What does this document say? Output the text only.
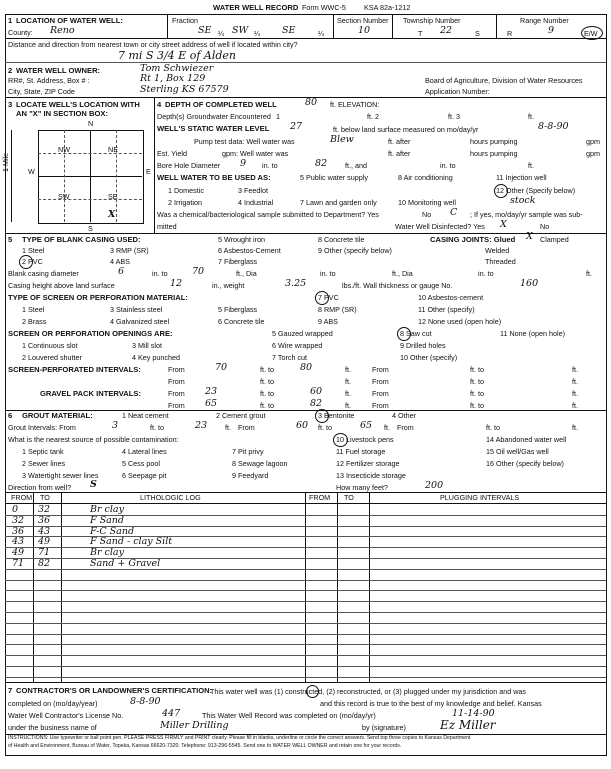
WATER WELL RECORD Form WWC-5	KSA 82a-1212
1 LOCATION OF WATER WELL:
County: Reno
Fraction
SE ¼ SW ¼ SE	¼
Section Number
10
Township Number
T 22	S
Range Number
R	9	E/W
Distance and direction from nearest town or city street address of well if located within city?
7 mi S 3/4 E of Alden
2 WATER WELL OWNER:	Tom Schwiezer
RR#, St. Address, Box # :	Rt 1, Box 129	Board of Agriculture, Division of Water Resources
City, State, ZIP Code	Sterling KS 67579	Application Number:
3 LOCATE WELL'S LOCATION WITH
AN "X" IN SECTION BOX:
N
S
W	E
1 Mile
NW	NE
SW	SE
X
4 DEPTH OF COMPLETED WELL	80 ft. ELEVATION:
Depth(s) Groundwater Encountered 1	ft. 2	ft. 3	ft.
WELL'S STATIC WATER LEVEL 27	ft. below land surface measured on mo/day/yr	8-8-90
Pump test data: Well water was	Blew	ft. after	hours pumping	gpm
Est. Yield	gpm: Well water was	ft. after	hours pumping	gpm
Bore Hole Diameter 9 in. to	82 ft., and	in. to	ft.
WELL WATER TO BE USED AS:
1 Domestic	3 Feedlot
5 Public water supply	8 Air conditioning	11 Injection well
2 Irrigation	4 Industrial	7 Lawn and garden only	10 Monitoring well
12 Other (Specify below)
stock
Was a chemical/bacteriological sample submitted to Department? Yes	No C ; If yes, mo/day/yr sample was sub-
mitted	Water Well Disinfected? Yes X	No
5 TYPE OF BLANK CASING USED:
1 Steel	3 RMP (SR)
5 Wrought iron	8 Concrete tile
2 PVC	4 ABS
6 Asbestos-Cement	9 Other (specify below)
7 Fiberglass
CASING JOINTS: Glued X Clamped
Welded
Threaded
Blank casing diameter	6	in. to	70	ft., Dia	in. to	ft., Dia	in. to	ft.
Casing height above land surface	12	in., weight	3.25	lbs./ft. Wall thickness or gauge No.	160
TYPE OF SCREEN OR PERFORATION MATERIAL:
1 Steel	3 Stainless steel	5 Fiberglass
7 PVC	10 Asbestos-cement
2 Brass	4 Galvanized steel	6 Concrete tile
8 RMP (SR)	11 Other (specify)
9 ABS	12 None used (open hole)
SCREEN OR PERFORATION OPENINGS ARE:
1 Continuous slot	3 Mill slot
5 Gauzed wrapped	8 Saw cut	11 None (open hole)
2 Louvered shutter	4 Key punched
6 Wire wrapped	9 Drilled holes
7 Torch cut	10 Other (specify)
SCREEN-PERFORATED INTERVALS:	From	70	ft. to	80	ft.	From	ft. to	ft.
From	ft. to	ft.	From	ft. to	ft.
GRAVEL PACK INTERVALS:	From 23	ft. to	60	ft.	From	ft. to	ft.
From 65	ft. to	82	ft.	From	ft. to	ft.
6 GROUT MATERIAL:	1 Neat cement	2 Cement grout	3 Bentonite	4 Other
Grout Intervals: From	3	ft. to	23 ft. From	60 ft. to	65 ft. From	ft. to	ft.
What is the nearest source of possible contamination:
1 Septic tank	4 Lateral lines	7 Pit privy
10 Livestock pens	14 Abandoned water well
2 Sewer lines	5 Cess pool	8 Sewage lagoon
11 Fuel storage	15 Oil well/Gas well
3 Watertight sewer lines	6 Seepage pit	9 Feedyard
12 Fertilizer storage	16 Other (specify below)
13 Insecticide storage
Direction from well? S	How many feet?	200
FROM TO	LITHOLOGIC LOG	FROM TO	PLUGGING INTERVALS
0 32	Br clay
32 36	F Sand
36 43	F-C Sand
43 49	F Sand - clay Silt
49 71	Br clay
71 82	Sand + Gravel
7 CONTRACTOR'S OR LANDOWNER'S CERTIFICATION:
This water well was (1) constructed, (2) reconstructed, or (3) plugged under my jurisdiction and was
completed on (mo/day/year)	8-8-90	and this record is true to the best of my knowledge and belief. Kansas
Water Well Contractor's License No.	447	This Water Well Record was completed on (mo/day/yr)	11-14-90
under the business name of	Miller Drilling	by (signature)	Ez Miller
INSTRUCTIONS: Use typewriter or ball point pen. PLEASE PRESS FIRMLY and PRINT clearly. Please fill in blanks, underline or circle the correct answers. Send top three copies to Kansas Department
of Health and Environment, Bureau of Water, Topeka, Kansas 66620-7320. Telephone: 913-296-5545. Send one to WATER WELL OWNER and retain one for your records.
